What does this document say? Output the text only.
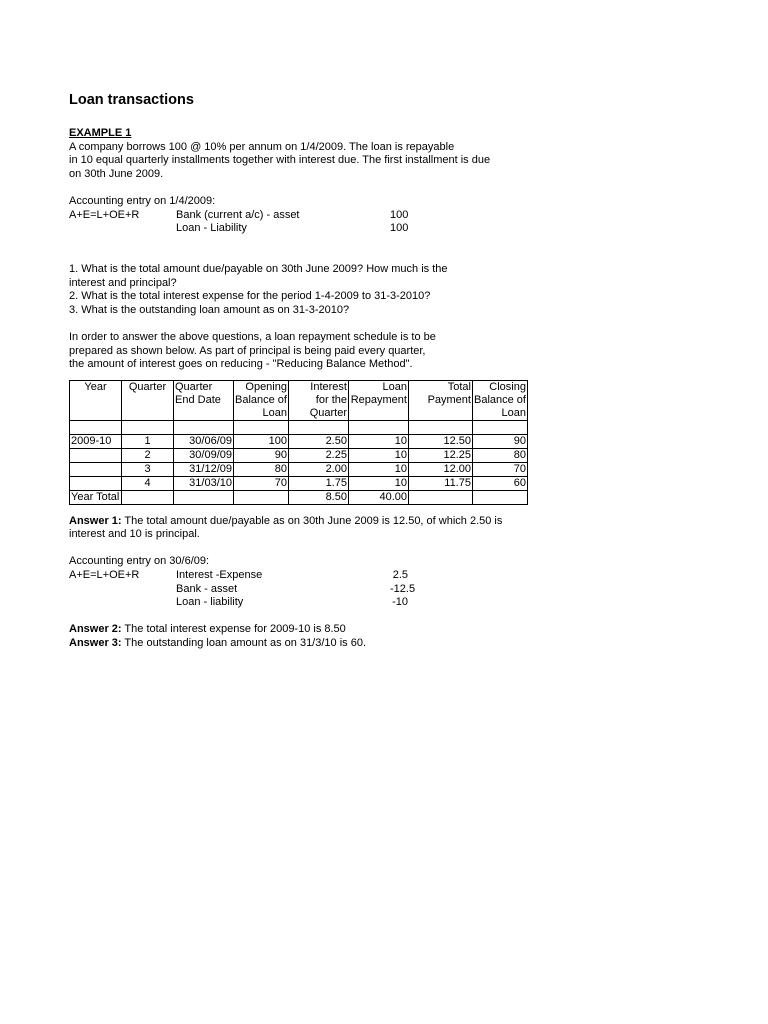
Loan transactions
EXAMPLE 1
A company borrows 100 @ 10% per annum on 1/4/2009. The loan is repayable
in 10 equal quarterly installments together with interest due. The first installment is due
on 30th June 2009.
Accounting entry on 1/4/2009:
A+E=L+OE+R	Bank (current a/c) - asset	100
Loan - Liability	100
1. What is the total amount due/payable on 30th June 2009? How much is the
interest and principal?
2. What is the total interest expense for the period 1-4-2009 to 31-3-2010?
3. What is the outstanding loan amount as on 31-3-2010?
In order to answer the above questions, a loan repayment schedule is to be
prepared as shown below. As part of principal is being paid every quarter,
the amount of interest goes on reducing - "Reducing Balance Method".
Year	Quarter	Quarter	Opening	Interest	Loan	Total	Closing
		End Date	Balance of	for the	Repayment	Payment	Balance of
			Loan	Quarter			Loan

2009-10	1	30/06/09	100	2.50	10	12.50	90
	2	30/09/09	90	2.25	10	12.25	80
	3	31/12/09	80	2.00	10	12.00	70
	4	31/03/10	70	1.75	10	11.75	60
Year Total				8.50	40.00		
Answer 1: The total amount due/payable as on 30th June 2009 is 12.50, of which 2.50 is
interest and 10 is principal.
Accounting entry on 30/6/09:
A+E=L+OE+R	Interest -Expense	2.5
Bank - asset	-12.5
Loan - liability	-10
Answer 2: The total interest expense for 2009-10 is 8.50
Answer 3: The outstanding loan amount as on 31/3/10 is 60.
